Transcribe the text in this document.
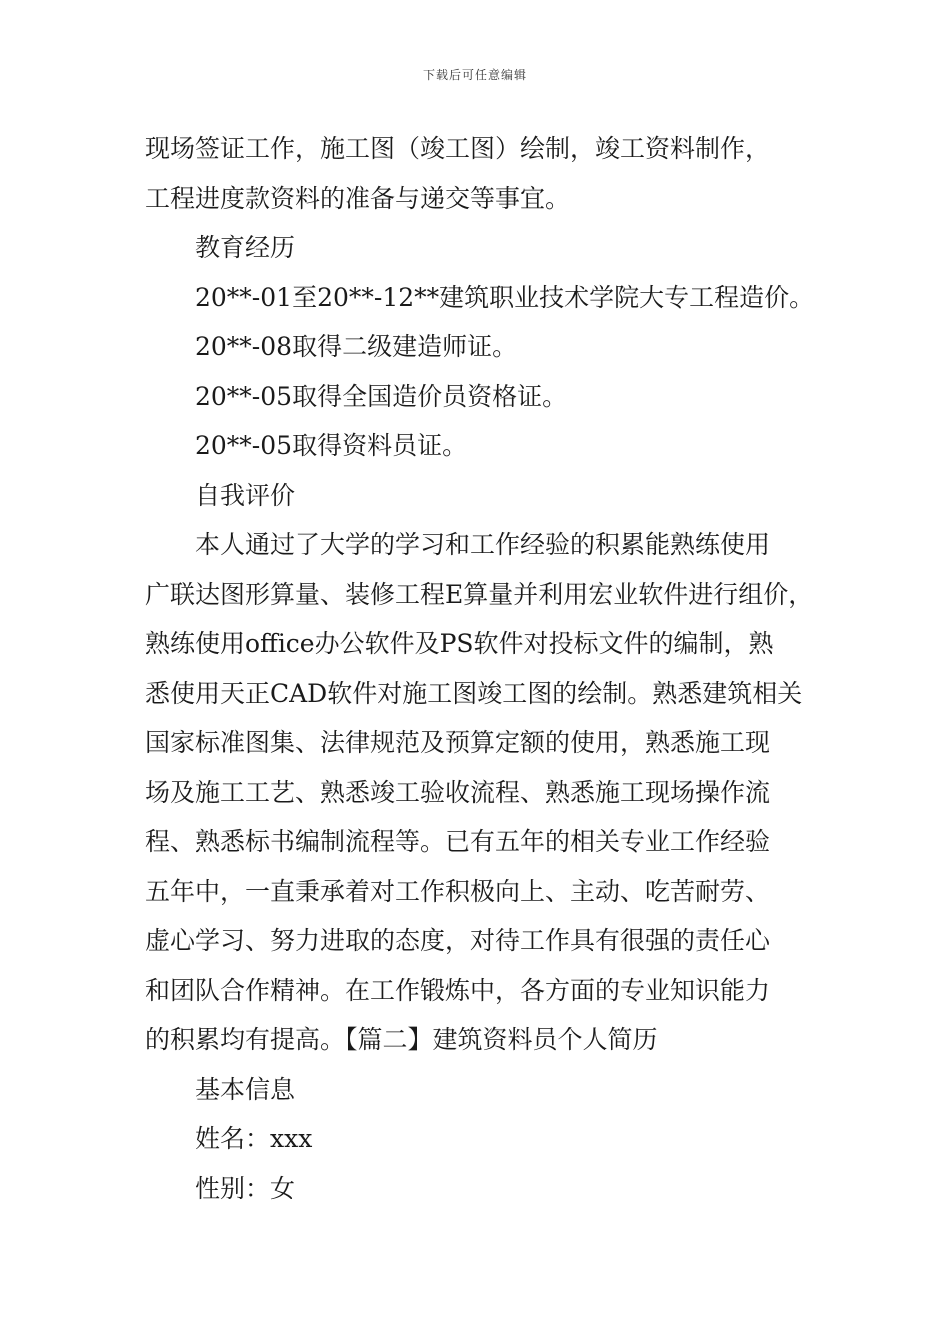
下载后可任意编辑
现场签证工作，施工图（竣工图）绘制，竣工资料制作，
工程进度款资料的准备与递交等事宜。
教育经历
20**-01至20**-12**建筑职业技术学院大专工程造价。
20**-08取得二级建造师证。
20**-05取得全国造价员资格证。
20**-05取得资料员证。
自我评价
本人通过了大学的学习和工作经验的积累能熟练使用
广联达图形算量、装修工程E算量并利用宏业软件进行组价，
熟练使用office办公软件及PS软件对投标文件的编制，熟
悉使用天正CAD软件对施工图竣工图的绘制。熟悉建筑相关
国家标准图集、法律规范及预算定额的使用，熟悉施工现
场及施工工艺、熟悉竣工验收流程、熟悉施工现场操作流
程、熟悉标书编制流程等。已有五年的相关专业工作经验
五年中，一直秉承着对工作积极向上、主动、吃苦耐劳、
虚心学习、努力进取的态度，对待工作具有很强的责任心
和团队合作精神。在工作锻炼中，各方面的专业知识能力
的积累均有提高。【篇二】建筑资料员个人简历
基本信息
姓名：xxx
性别：女
